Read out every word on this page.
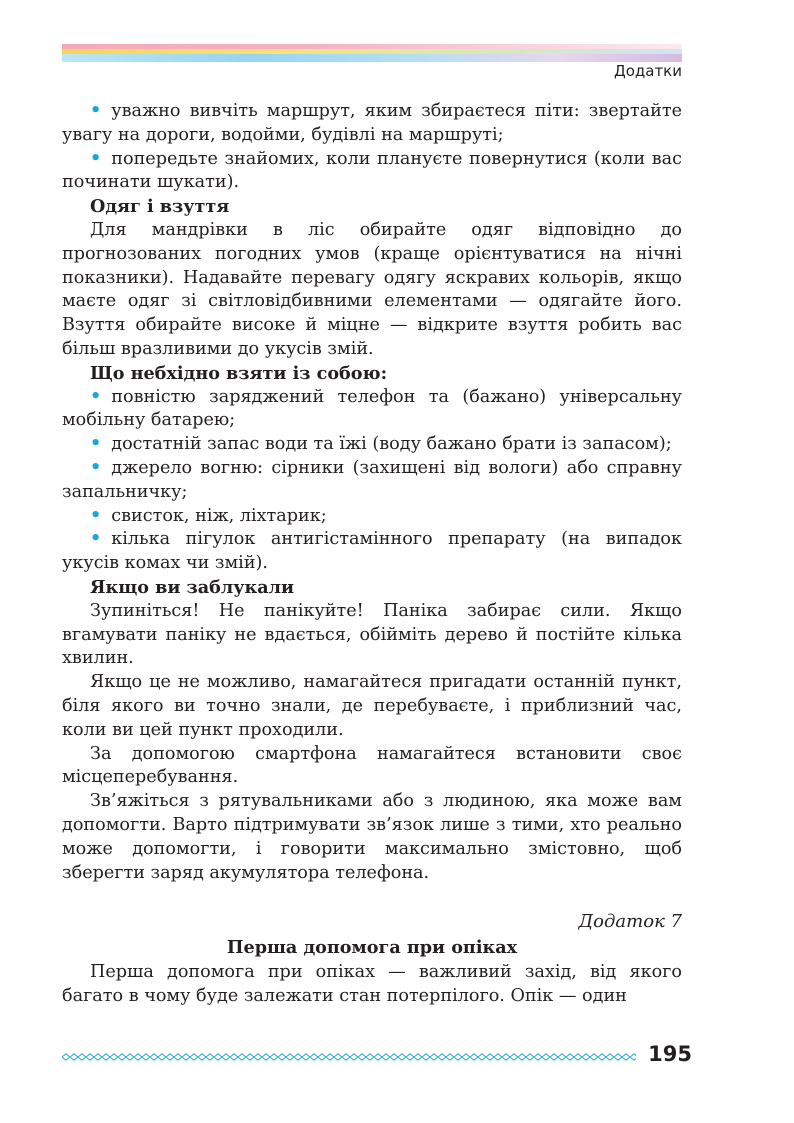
Додатки

• уважно вивчіть маршрут, яким збираєтеся піти: звертайте увагу на дороги, водойми, будівлі на маршруті;

• попередьте знайомих, коли плануєте повернутися (коли вас починати шукати).

Одяг і взуття

Для мандрівки в ліс обирайте одяг відповідно до прогнозованих погодних умов (краще орієнтуватися на нічні показники). Надавайте перевагу одягу яскравих кольорів, якщо маєте одяг зі світловідбивними елементами — одягайте його. Взуття обирайте високе й міцне — відкрите взуття робить вас більш вразливими до укусів змій.

Що небхідно взяти із собою:

• повністю заряджений телефон та (бажано) універсальну мобільну батарею;

• достатній запас води та їжі (воду бажано брати із запасом);

• джерело вогню: сірники (захищені від вологи) або справну запальничку;

• свисток, ніж, ліхтарик;

• кілька пігулок антигістамінного препарату (на випадок укусів комах чи змій).

Якщо ви заблукали

Зупиніться! Не панікуйте! Паніка забирає сили. Якщо вгамувати паніку не вдається, обійміть дерево й постійте кілька хвилин.

Якщо це не можливо, намагайтеся пригадати останній пункт, біля якого ви точно знали, де перебуваєте, і приблизний час, коли ви цей пункт проходили.

За допомогою смартфона намагайтеся встановити своє місцеперебування.

Зв’яжіться з рятувальниками або з людиною, яка може вам допомогти. Варто підтримувати зв’язок лише з тими, хто реально може допомогти, і говорити максимально змістовно, щоб зберегти заряд акумулятора телефона.

Додаток 7
Перша допомога при опіках

Перша допомога при опіках — важливий захід, від якого багато в чому буде залежати стан потерпілого. Опік — один

195
